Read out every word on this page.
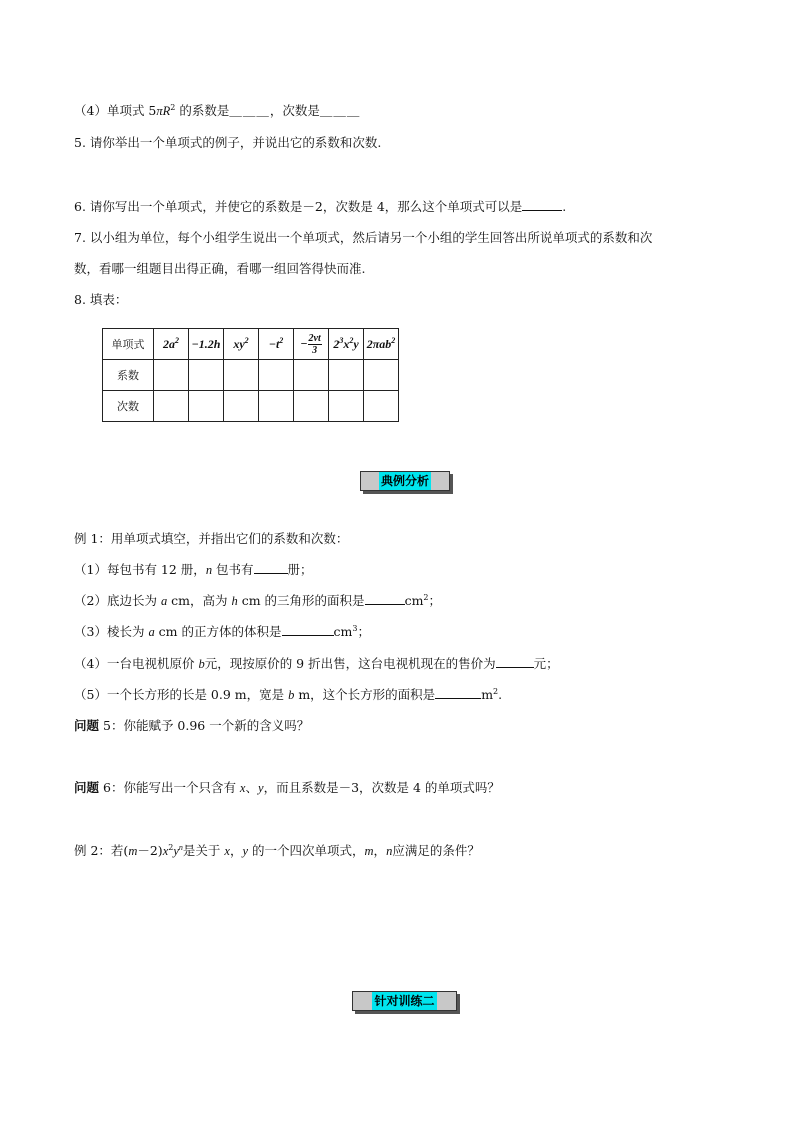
（4）单项式 $5\pi R^2$ 的系数是＿＿＿，次数是＿＿＿
5. 请你举出一个单项式的例子，并说出它的系数和次数.
6. 请你写出一个单项式，并使它的系数是－2，次数是 4，那么这个单项式可以是	.
7. 以小组为单位，每个小组学生说出一个单项式，然后请另一个小组的学生回答出所说单项式的系数和次
数，看哪一组题目出得正确，看哪一组回答得快而准.
8. 填表：
单项式	$2a^2$	−1.2h	$xy^2$	$-t^2$	− $\frac{2vt}{3}$	$2^3x^2y$	2πab$^2$
系数							
次数							
典例分析
例 1：用单项式填空，并指出它们的系数和次数：
（1）每包书有 12 册，n 包书有	册；
（2）底边长为 a cm，高为 h cm 的三角形的面积是	$cm^2$；
（3）棱长为 a cm 的正方体的体积是	$cm^3$；
（4）一台电视机原价 b元，现按原价的 9 折出售，这台电视机现在的售价为	元；
（5）一个长方形的长是 0.9 m，宽是 b m，这个长方形的面积是	$m^2$.
问题 5：你能赋予 0.96 一个新的含义吗？
问题 6：你能写出一个只含有 x、y，而且系数是－3，次数是 4 的单项式吗？
例 2：若$(m-2)x^2y^n$是关于 x，y 的一个四次单项式，m，n应满足的条件？
针对训练二
